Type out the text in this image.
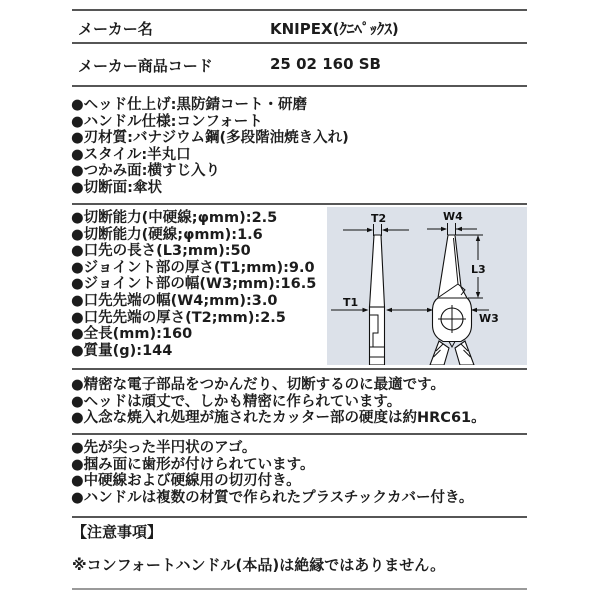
メーカー名	KNIPEX(ｸﾆﾍﾟｯｸｽ)
メーカー商品コード	25 02 160 SB
●ヘッド仕上げ:黒防錆コート・研磨
●ハンドル仕様:コンフォート
●刃材質:バナジウム鋼(多段階油焼き入れ)
●スタイル:半丸口
●つかみ面:横すじ入り
●切断面:傘状
●切断能力(中硬線;φmm):2.5
●切断能力(硬線;φmm):1.6
●口先の長さ(L3;mm):50
●ジョイント部の厚さ(T1;mm):9.0
●ジョイント部の幅(W3;mm):16.5
●口先先端の幅(W4;mm):3.0
●口先先端の厚さ(T2;mm):2.5
●全長(mm):160
●質量(g):144
T2	W4
T1
L3
W3
●精密な電子部品をつかんだり、切断するのに最適です。
●ヘッドは頑丈で、しかも精密に作られています。
●入念な焼入れ処理が施されたカッター部の硬度は約HRC61。
●先が尖った半円状のアゴ。
●掴み面に歯形が付けられています。
●中硬線および硬線用の切刃付き。
●ハンドルは複数の材質で作られたプラスチックカバー付き。
【注意事項】
※コンフォートハンドル(本品)は絶縁ではありません。
